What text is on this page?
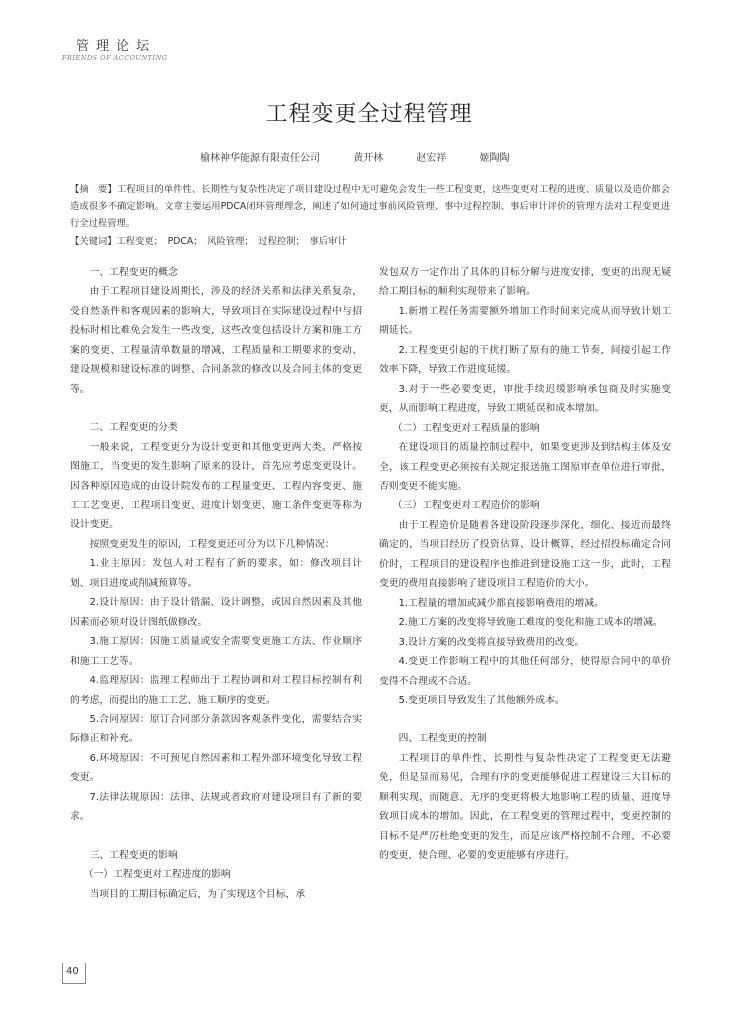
管理论坛
FRIENDS OF ACCOUNTING
工程变更全过程管理
榆林神华能源有限责任公司	黄开林	赵宏祥	姬陶陶
【摘　要】工程项目的单件性、长期性与复杂性决定了项目建设过程中无可避免会发生一些工程变更，这些变更对工程的进度、质量以及造价都会造成很多不确定影响。文章主要运用PDCA闭环管理理念，阐述了如何通过事前风险管理、事中过程控制、事后审计评价的管理方法对工程变更进行全过程管理。
【关键词】工程变更；　PDCA；　风险管理；　过程控制；　事后审计

一、工程变更的概念

由于工程项目建设周期长，涉及的经济关系和法律关系复杂，受自然条件和客观因素的影响大，导致项目在实际建设过程中与招投标时相比难免会发生一些改变，这些改变包括设计方案和施工方案的变更、工程量清单数量的增减、工程质量和工期要求的变动、建设规模和建设标准的调整、合同条款的修改以及合同主体的变更等。

二、工程变更的分类

一般来说，工程变更分为设计变更和其他变更两大类。严格按图施工，当变更的发生影响了原来的设计，首先应考虑变更设计。因各种原因造成的由设计院发布的工程量变更、工程内容变更、施工工艺变更、工程项目变更、进度计划变更、施工条件变更等称为设计变更。

按照变更发生的原因，工程变更还可分为以下几种情况：

1.业主原因：发包人对工程有了新的要求，如：修改项目计划、项目进度或削减预算等。

2.设计原因：由于设计错漏、设计调整，或因自然因素及其他因素而必须对设计图纸做修改。

3.施工原因：因施工质量或安全需要变更施工方法、作业顺序和施工工艺等。

4.监理原因：监理工程师出于工程协调和对工程目标控制有利的考虑，而提出的施工工艺、施工顺序的变更。

5.合同原因：原订合同部分条款因客观条件变化，需要结合实际修正和补充。

6.环境原因：不可预见自然因素和工程外部环境变化导致工程变更。

7.法律法规原因：法律、法规或者政府对建设项目有了新的要求。

三、工程变更的影响

（一）工程变更对工程进度的影响

当项目的工期目标确定后，为了实现这个目标，承

发包双方一定作出了具体的目标分解与进度安排，变更的出现无疑给工期目标的顺利实现带来了影响。

1.新增工程任务需要额外增加工作时间来完成从而导致计划工期延长。

2.工程变更引起的干扰打断了原有的施工节奏，间接引起工作效率下降，导致工作进度延缓。

3.对于一些必要变更，审批手续迟缓影响承包商及时实施变更，从而影响工程进度，导致工期延误和成本增加。

（二）工程变更对工程质量的影响

在建设项目的质量控制过程中，如果变更涉及到结构主体及安全，该工程变更必须按有关规定报送施工图原审查单位进行审批，否则变更不能实施。

（三）工程变更对工程造价的影响

由于工程造价是随着各建设阶段逐步深化、细化、接近而最终确定的，当项目经历了投资估算、设计概算，经过招投标确定合同价时，工程项目的建设程序也推进到建设施工这一步，此时，工程变更的费用直接影响了建设项目工程造价的大小。

1.工程量的增加或减少都直接影响费用的增减。

2.施工方案的改变将导致施工难度的变化和施工成本的增减。

3.设计方案的改变将直接导致费用的改变。

4.变更工作影响工程中的其他任何部分，使得原合同中的单价变得不合理或不合适。

5.变更项目导致发生了其他额外成本。

四、工程变更的控制

工程项目的单件性、长期性与复杂性决定了工程变更无法避免，但是显而易见，合理有序的变更能够促进工程建设三大目标的顺利实现，而随意、无序的变更将极大地影响工程的质量、进度导致项目成本的增加。因此，在工程变更的管理过程中，变更控制的目标不是严厉杜绝变更的发生，而是应该严格控制不合理、不必要的变更，使合理、必要的变更能够有序进行。

40
